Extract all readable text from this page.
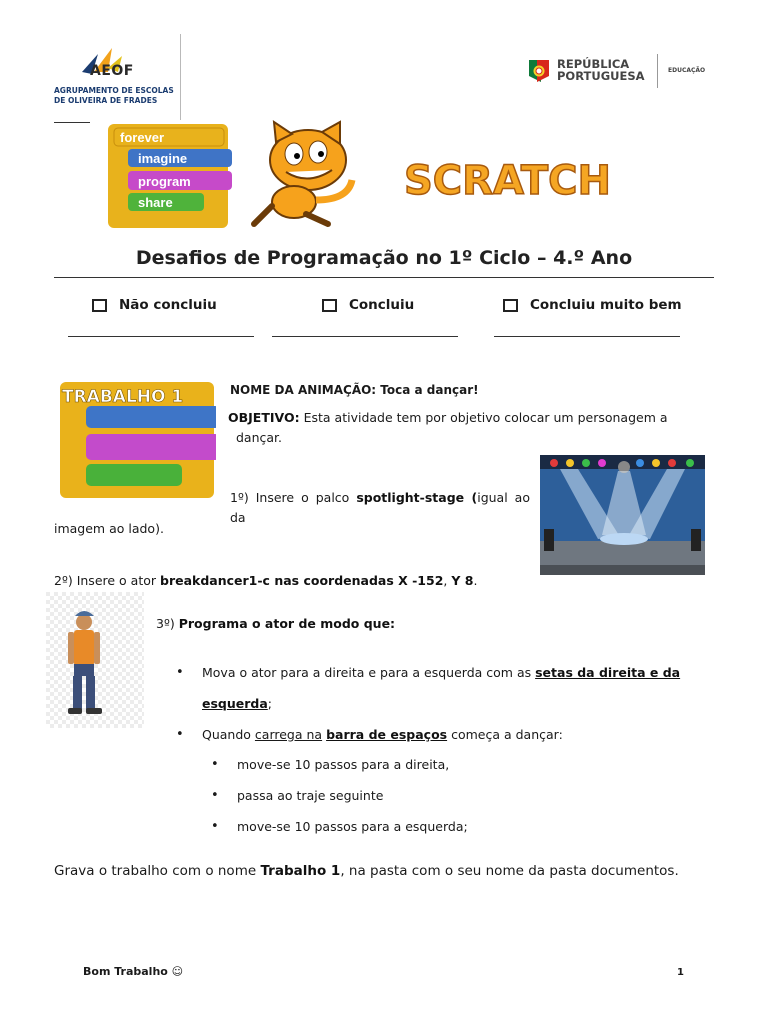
AEOF
AGRUPAMENTO DE ESCOLAS
DE OLIVEIRA DE FRADES
REPÚBLICA
PORTUGUESA	EDUCAÇÃO
forever
imagine
program
share	SCRATCH
Desafios de Programação no 1º Ciclo – 4.º Ano
Não concluiu	Concluiu	Concluiu muito bem
TRABALHO 1	NOME DA ANIMAÇÃO: Toca a dançar!
OBJETIVO: Esta atividade tem por objetivo colocar um personagem a
dançar.
1º) Insere o palco spotlight-stage (igual ao da
imagem ao lado).
2º) Insere o ator breakdancer1-c nas coordenadas X -152, Y 8.
3º) Programa o ator de modo que:
• Mova o ator para a direita e para a esquerda com as setas da direita e da
esquerda;
• Quando carrega na barra de espaços começa a dançar:
• move-se 10 passos para a direita,
• passa ao traje seguinte
• move-se 10 passos para a esquerda;
Grava o trabalho com o nome Trabalho 1, na pasta com o seu nome da pasta documentos.
Bom Trabalho ☺	1
